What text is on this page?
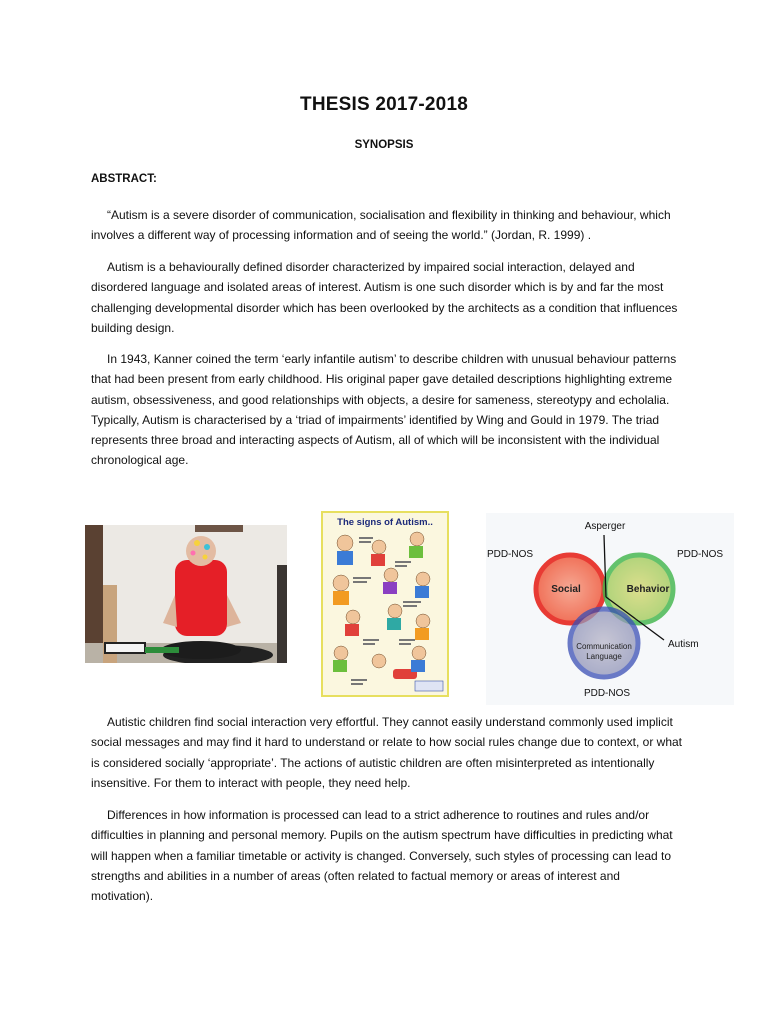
THESIS 2017-2018
SYNOPSIS
ABSTRACT:
“Autism is a severe disorder of communication, socialisation and flexibility in thinking and behaviour, which involves a different way of processing information and of seeing the world.” (Jordan, R. 1999) .
Autism is a behaviourally defined disorder characterized by impaired social interaction, delayed and disordered language and isolated areas of interest. Autism is one such disorder which is by and far the most challenging developmental disorder which has been overlooked by the architects as a condition that influences building design.
In 1943, Kanner coined the term ‘early infantile autism’ to describe children with unusual behaviour patterns that had been present from early childhood. His original paper gave detailed descriptions highlighting extreme autism, obsessiveness, and good relationships with objects, a desire for sameness, stereotypy and echolalia. Typically, Autism is characterised by a ‘triad of impairments’ identified by Wing and Gould in 1979. The triad represents three broad and interacting aspects of Autism, all of which will be inconsistent with the individual chronological age.
The signs of Autism..	Asperger
PDD-NOS	PDD-NOS
PDD-NOS
Autism
Social	Behavior
Communication
Language
Autistic children find social interaction very effortful. They cannot easily understand commonly used implicit social messages and may find it hard to understand or relate to how social rules change due to context, or what is considered socially ‘appropriate’. The actions of autistic children are often misinterpreted as intentionally insensitive. For them to interact with people, they need help.
Differences in how information is processed can lead to a strict adherence to routines and rules and/or difficulties in planning and personal memory. Pupils on the autism spectrum have difficulties in predicting what will happen when a familiar timetable or activity is changed. Conversely, such styles of processing can lead to strengths and abilities in a number of areas (often related to factual memory or areas of interest and motivation).
